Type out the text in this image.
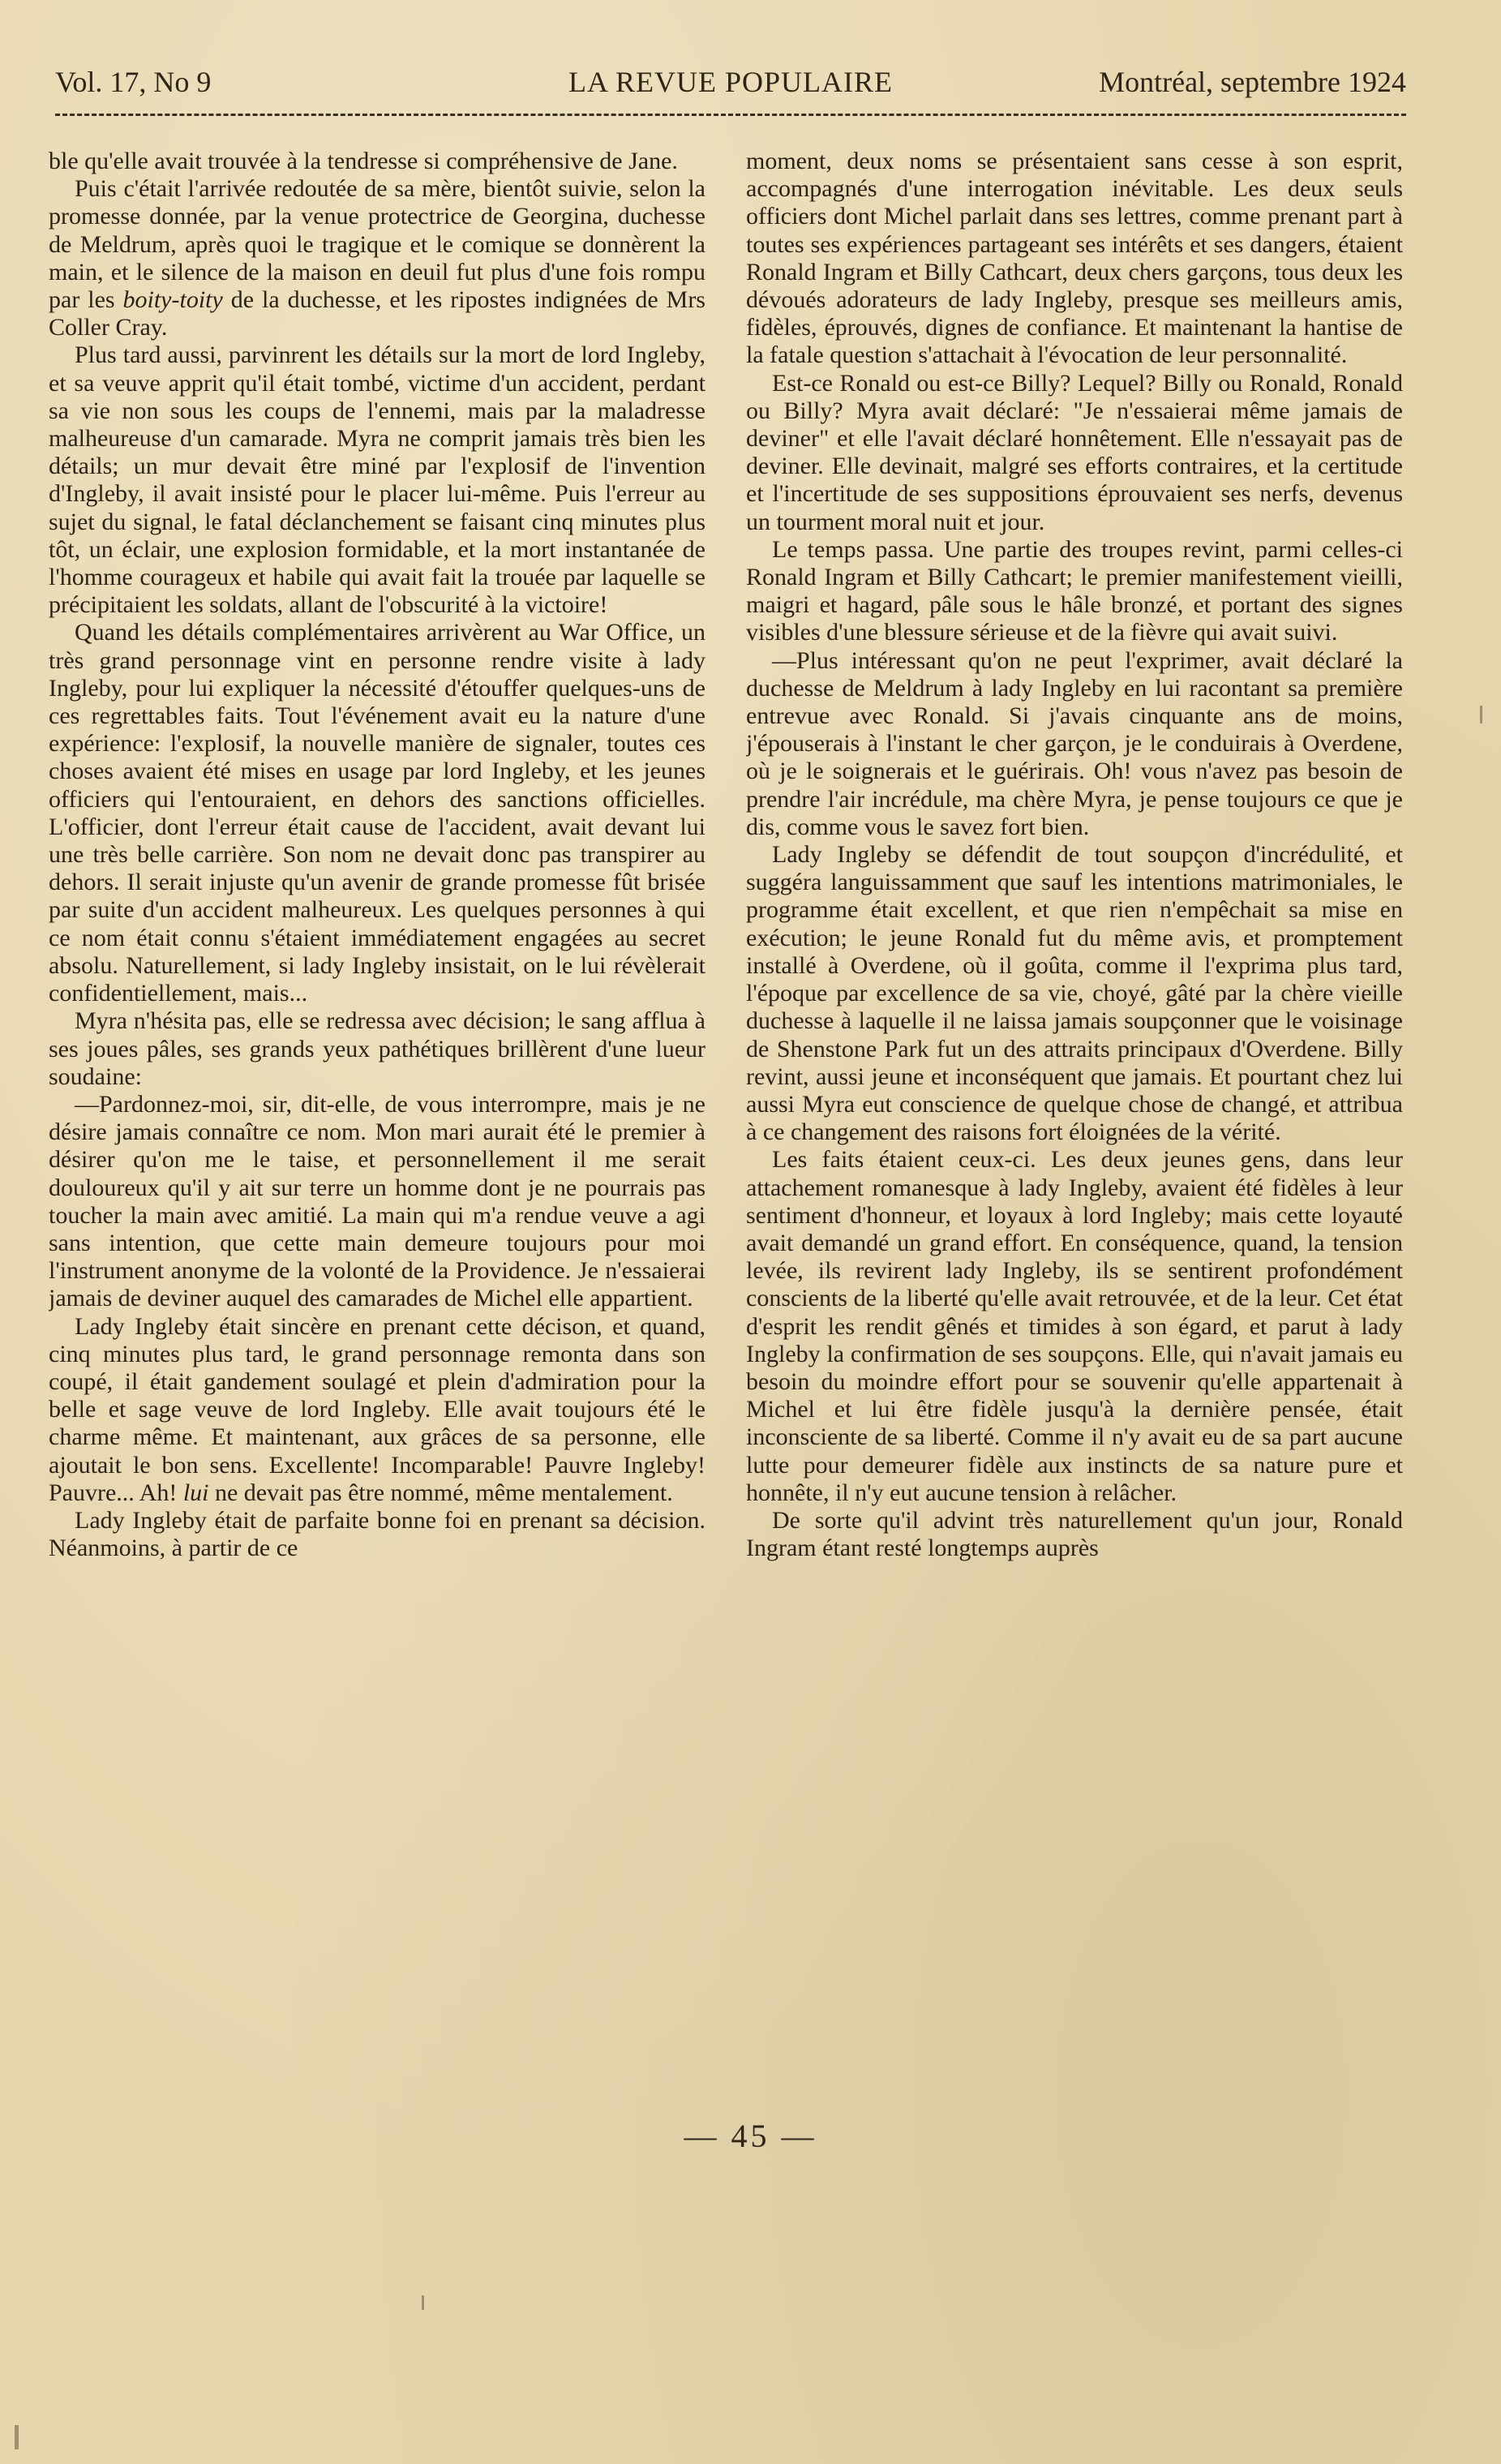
Vol. 17, No 9	LA REVUE POPULAIRE	Montréal, septembre 1924

ble qu'elle avait trouvée à la tendresse si compréhensive de Jane.

Puis c'était l'arrivée redoutée de sa mère, bientôt suivie, selon la promesse donnée, par la venue protectrice de Georgina, duchesse de Meldrum, après quoi le tragique et le comique se donnèrent la main, et le silence de la maison en deuil fut plus d'une fois rompu par les boity-toity de la duchesse, et les ripostes indignées de Mrs Coller Cray.

Plus tard aussi, parvinrent les détails sur la mort de lord Ingleby, et sa veuve apprit qu'il était tombé, victime d'un accident, perdant sa vie non sous les coups de l'ennemi, mais par la maladresse malheureuse d'un camarade. Myra ne comprit jamais très bien les détails; un mur devait être miné par l'explosif de l'invention d'Ingleby, il avait insisté pour le placer lui-même. Puis l'erreur au sujet du signal, le fatal déclanchement se faisant cinq minutes plus tôt, un éclair, une explosion formidable, et la mort instantanée de l'homme courageux et habile qui avait fait la trouée par laquelle se précipitaient les soldats, allant de l'obscurité à la victoire!

Quand les détails complémentaires arrivèrent au War Office, un très grand personnage vint en personne rendre visite à lady Ingleby, pour lui expliquer la nécessité d'étouffer quelques-uns de ces regrettables faits. Tout l'événement avait eu la nature d'une expérience: l'explosif, la nouvelle manière de signaler, toutes ces choses avaient été mises en usage par lord Ingleby, et les jeunes officiers qui l'entouraient, en dehors des sanctions officielles. L'officier, dont l'erreur était cause de l'accident, avait devant lui une très belle carrière. Son nom ne devait donc pas transpirer au dehors. Il serait injuste qu'un avenir de grande promesse fût brisée par suite d'un accident malheureux. Les quelques personnes à qui ce nom était connu s'étaient immédiatement engagées au secret absolu. Naturellement, si lady Ingleby insistait, on le lui révèlerait confidentiellement, mais...

Myra n'hésita pas, elle se redressa avec décision; le sang afflua à ses joues pâles, ses grands yeux pathétiques brillèrent d'une lueur soudaine:

—Pardonnez-moi, sir, dit-elle, de vous interrompre, mais je ne désire jamais connaître ce nom. Mon mari aurait été le premier à désirer qu'on me le taise, et personnellement il me serait douloureux qu'il y ait sur terre un homme dont je ne pourrais pas toucher la main avec amitié. La main qui m'a rendue veuve a agi sans intention, que cette main demeure toujours pour moi l'instrument anonyme de la volonté de la Providence. Je n'essaierai jamais de deviner auquel des camarades de Michel elle appartient.

Lady Ingleby était sincère en prenant cette décison, et quand, cinq minutes plus tard, le grand personnage remonta dans son coupé, il était gandement soulagé et plein d'admiration pour la belle et sage veuve de lord Ingleby. Elle avait toujours été le charme même. Et maintenant, aux grâces de sa personne, elle ajoutait le bon sens. Excellente! Incomparable! Pauvre Ingleby! Pauvre... Ah! lui ne devait pas être nommé, même mentalement.

Lady Ingleby était de parfaite bonne foi en prenant sa décision. Néanmoins, à partir de ce

moment, deux noms se présentaient sans cesse à son esprit, accompagnés d'une interrogation inévitable. Les deux seuls officiers dont Michel parlait dans ses lettres, comme prenant part à toutes ses expériences partageant ses intérêts et ses dangers, étaient Ronald Ingram et Billy Cathcart, deux chers garçons, tous deux les dévoués adorateurs de lady Ingleby, presque ses meilleurs amis, fidèles, éprouvés, dignes de confiance. Et maintenant la hantise de la fatale question s'attachait à l'évocation de leur personnalité.

Est-ce Ronald ou est-ce Billy? Lequel? Billy ou Ronald, Ronald ou Billy? Myra avait déclaré: "Je n'essaierai même jamais de deviner" et elle l'avait déclaré honnêtement. Elle n'essayait pas de deviner. Elle devinait, malgré ses efforts contraires, et la certitude et l'incertitude de ses suppositions éprouvaient ses nerfs, devenus un tourment moral nuit et jour.

Le temps passa. Une partie des troupes revint, parmi celles-ci Ronald Ingram et Billy Cathcart; le premier manifestement vieilli, maigri et hagard, pâle sous le hâle bronzé, et portant des signes visibles d'une blessure sérieuse et de la fièvre qui avait suivi.

—Plus intéressant qu'on ne peut l'exprimer, avait déclaré la duchesse de Meldrum à lady Ingleby en lui racontant sa première entrevue avec Ronald. Si j'avais cinquante ans de moins, j'épouserais à l'instant le cher garçon, je le conduirais à Overdene, où je le soignerais et le guérirais. Oh! vous n'avez pas besoin de prendre l'air incrédule, ma chère Myra, je pense toujours ce que je dis, comme vous le savez fort bien.

Lady Ingleby se défendit de tout soupçon d'incrédulité, et suggéra languissamment que sauf les intentions matrimoniales, le programme était excellent, et que rien n'empêchait sa mise en exécution; le jeune Ronald fut du même avis, et promptement installé à Overdene, où il goûta, comme il l'exprima plus tard, l'époque par excellence de sa vie, choyé, gâté par la chère vieille duchesse à laquelle il ne laissa jamais soupçonner que le voisinage de Shenstone Park fut un des attraits principaux d'Overdene. Billy revint, aussi jeune et inconséquent que jamais. Et pourtant chez lui aussi Myra eut conscience de quelque chose de changé, et attribua à ce changement des raisons fort éloignées de la vérité.

Les faits étaient ceux-ci. Les deux jeunes gens, dans leur attachement romanesque à lady Ingleby, avaient été fidèles à leur sentiment d'honneur, et loyaux à lord Ingleby; mais cette loyauté avait demandé un grand effort. En conséquence, quand, la tension levée, ils revirent lady Ingleby, ils se sentirent profondément conscients de la liberté qu'elle avait retrouvée, et de la leur. Cet état d'esprit les rendit gênés et timides à son égard, et parut à lady Ingleby la confirmation de ses soupçons. Elle, qui n'avait jamais eu besoin du moindre effort pour se souvenir qu'elle appartenait à Michel et lui être fidèle jusqu'à la dernière pensée, était inconsciente de sa liberté. Comme il n'y avait eu de sa part aucune lutte pour demeurer fidèle aux instincts de sa nature pure et honnête, il n'y eut aucune tension à relâcher.

De sorte qu'il advint très naturellement qu'un jour, Ronald Ingram étant resté longtemps auprès

— 45 —
